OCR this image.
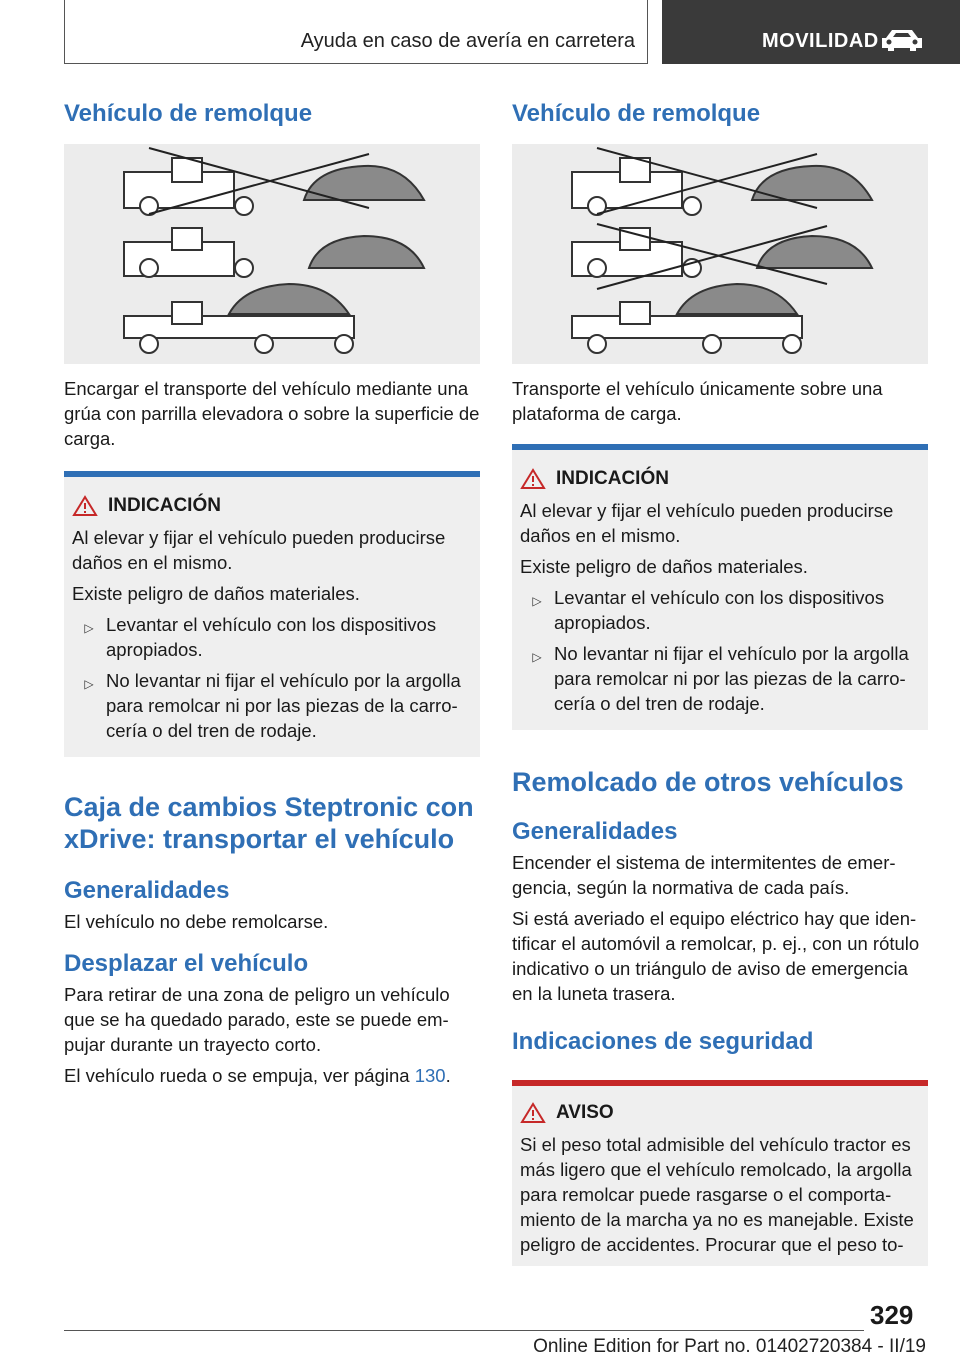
Ayuda en caso de avería en carretera	MOVILIDAD
Vehículo de remolque

Encargar el transporte del vehículo mediante una grúa con parrilla elevadora o sobre la superficie de carga.

INDICACIÓN

Al elevar y fijar el vehículo pueden producirse daños en el mismo.

Existe peligro de daños materiales.

▷ Levantar el vehículo con los dispositivos apropiados.
▷ No levantar ni fijar el vehículo por la argolla para remolcar ni por las piezas de la carrocería o del tren de rodaje.
Caja de cambios Steptronic con xDrive: transportar el vehículo
Generalidades

El vehículo no debe remolcarse.

Desplazar el vehículo

Para retirar de una zona de peligro un vehículo que se ha quedado parado, este se puede empujar durante un trayecto corto.

El vehículo rueda o se empuja, ver página 130.

Vehículo de remolque

Transporte el vehículo únicamente sobre una plataforma de carga.

INDICACIÓN

Al elevar y fijar el vehículo pueden producirse daños en el mismo.

Existe peligro de daños materiales.

▷ Levantar el vehículo con los dispositivos apropiados.
▷ No levantar ni fijar el vehículo por la argolla para remolcar ni por las piezas de la carrocería o del tren de rodaje.
Remolcado de otros vehículos
Generalidades

Encender el sistema de intermitentes de emergencia, según la normativa de cada país.

Si está averiado el equipo eléctrico hay que identificar el automóvil a remolcar, p. ej., con un rótulo indicativo o un triángulo de aviso de emergencia en la luneta trasera.

Indicaciones de seguridad
AVISO

Si el peso total admisible del vehículo tractor es más ligero que el vehículo remolcado, la argolla para remolcar puede rasgarse o el comportamiento de la marcha ya no es manejable. Existe peligro de accidentes. Procurar que el peso to-

329
Online Edition for Part no. 01402720384 - II/19
